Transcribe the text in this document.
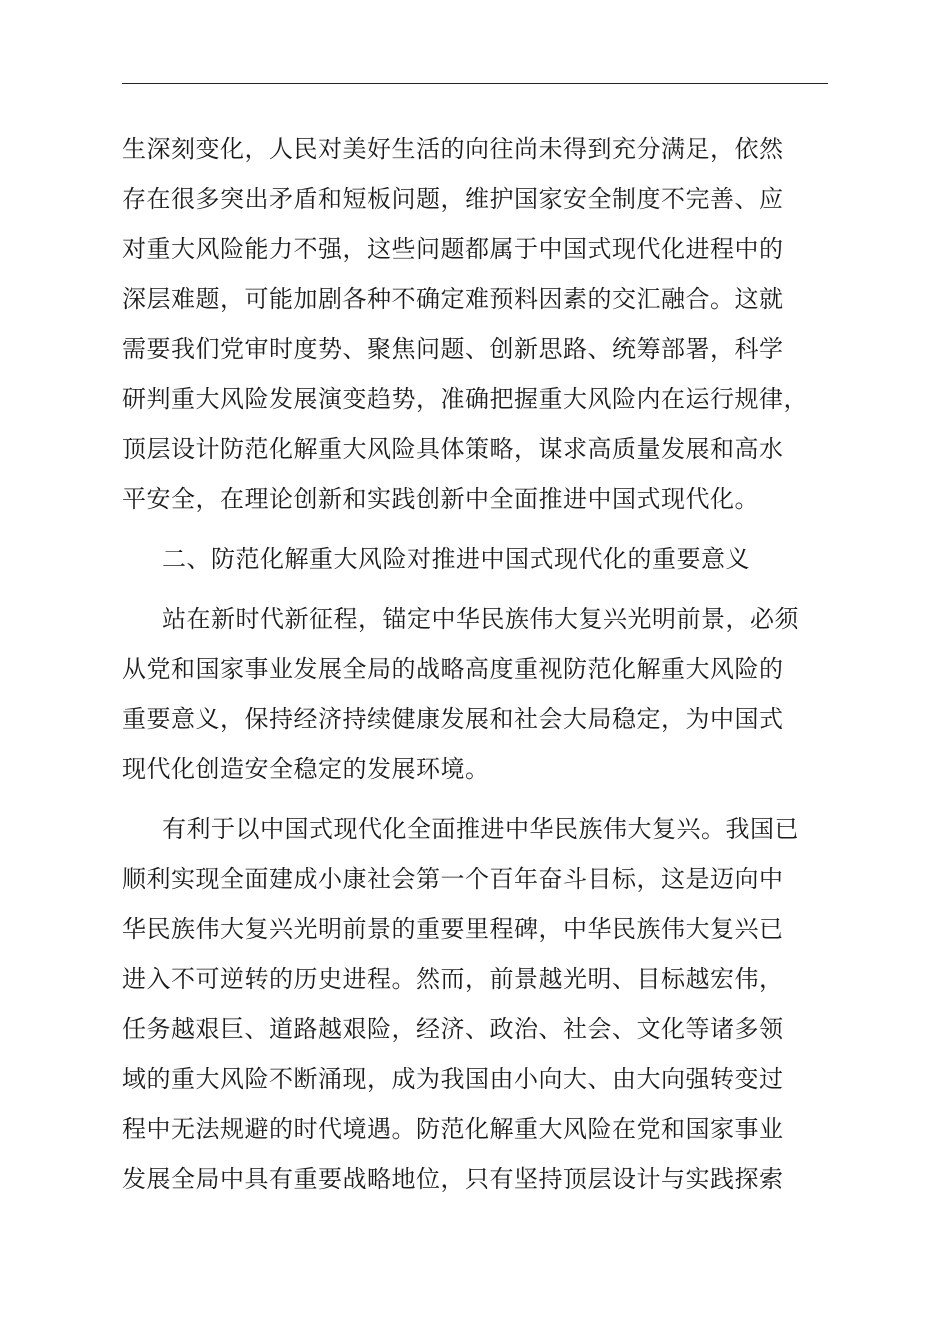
生深刻变化，人民对美好生活的向往尚未得到充分满足，依然
存在很多突出矛盾和短板问题，维护国家安全制度不完善、应
对重大风险能力不强，这些问题都属于中国式现代化进程中的
深层难题，可能加剧各种不确定难预料因素的交汇融合。这就
需要我们党审时度势、聚焦问题、创新思路、统筹部署，科学
研判重大风险发展演变趋势，准确把握重大风险内在运行规律，
顶层设计防范化解重大风险具体策略，谋求高质量发展和高水
平安全，在理论创新和实践创新中全面推进中国式现代化。
二、防范化解重大风险对推进中国式现代化的重要意义
站在新时代新征程，锚定中华民族伟大复兴光明前景，必须
从党和国家事业发展全局的战略高度重视防范化解重大风险的
重要意义，保持经济持续健康发展和社会大局稳定，为中国式
现代化创造安全稳定的发展环境。
有利于以中国式现代化全面推进中华民族伟大复兴。我国已
顺利实现全面建成小康社会第一个百年奋斗目标，这是迈向中
华民族伟大复兴光明前景的重要里程碑，中华民族伟大复兴已
进入不可逆转的历史进程。然而，前景越光明、目标越宏伟，
任务越艰巨、道路越艰险，经济、政治、社会、文化等诸多领
域的重大风险不断涌现，成为我国由小向大、由大向强转变过
程中无法规避的时代境遇。防范化解重大风险在党和国家事业
发展全局中具有重要战略地位，只有坚持顶层设计与实践探索
